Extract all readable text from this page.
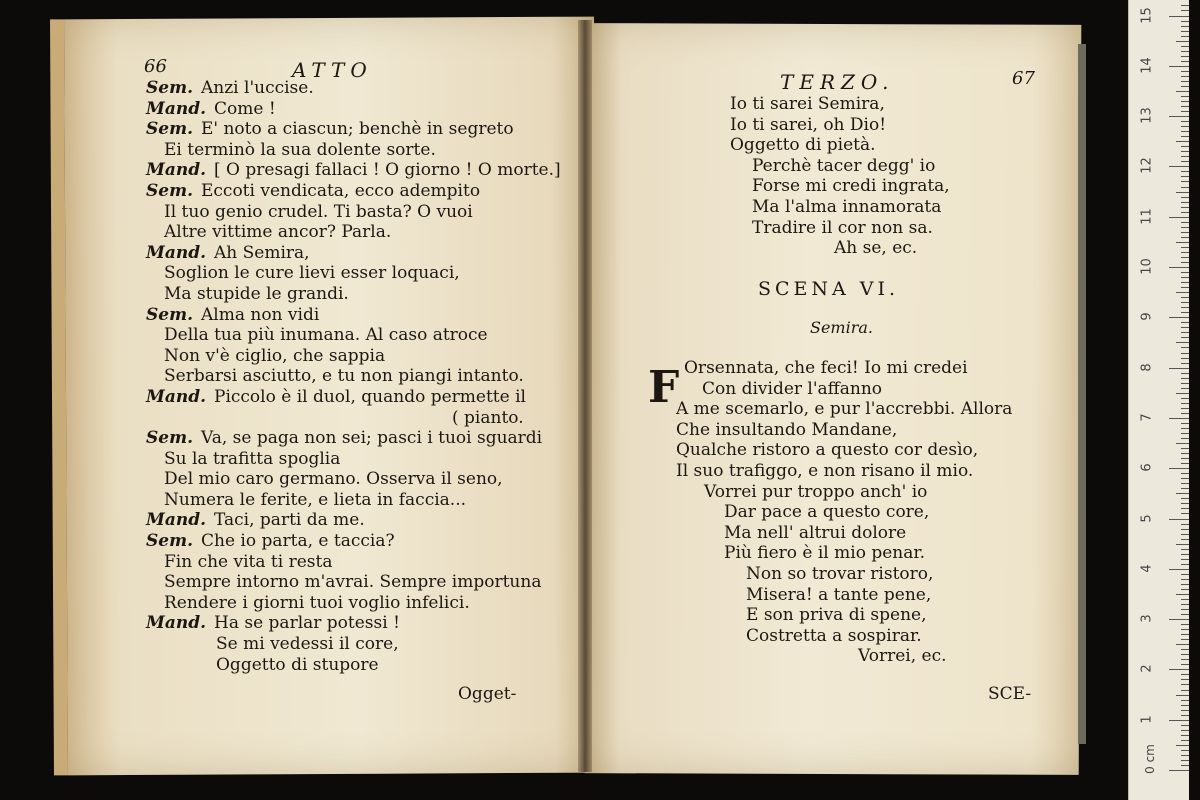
66	ATTO
Sem. Anzi l'uccise.
Mand. Come !
Sem. E' noto a ciascun; benchè in segreto
Ei terminò la sua dolente sorte.
Mand. [ O presagi fallaci ! O giorno ! O morte.]
Sem. Eccoti vendicata, ecco adempito
Il tuo genio crudel. Ti basta? O vuoi
Altre vittime ancor? Parla.
Mand. Ah Semira,
Soglion le cure lievi esser loquaci,
Ma stupide le grandi.
Sem. Alma non vidi
Della tua più inumana. Al caso atroce
Non v'è ciglio, che sappia
Serbarsi asciutto, e tu non piangi intanto.
Mand. Piccolo è il duol, quando permette il
( pianto.
Sem. Va, se paga non sei; pasci i tuoi sguardi
Su la trafitta spoglia
Del mio caro germano. Osserva il seno,
Numera le ferite, e lieta in faccia...
Mand. Taci, parti da me.
Sem. Che io parta, e taccia?
Fin che vita ti resta
Sempre intorno m'avrai. Sempre importuna
Rendere i giorni tuoi voglio infelici.
Mand. Ha se parlar potessi !
Se mi vedessi il core,
Oggetto di stupore
Ogget-
TERZO.	67
Io ti sarei Semira,
Io ti sarei, oh Dio!
Oggetto di pietà.
Perchè tacer degg' io
Forse mi credi ingrata,
Ma l'alma innamorata
Tradire il cor non sa.
Ah se, ec.
SCENA VI.
Semira.
F Orsennata, che feci! Io mi credei
Con divider l'affanno
A me scemarlo, e pur l'accrebbi. Allora
Che insultando Mandane,
Qualche ristoro a questo cor desìo,
Il suo trafiggo, e non risano il mio.
Vorrei pur troppo anch' io
Dar pace a questo core,
Ma nell' altrui dolore
Più fiero è il mio penar.
Non so trovar ristoro,
Misera! a tante pene,
E son priva di spene,
Costretta a sospirar.
Vorrei, ec.
SCE-
0 cm
1
2
3
4
5
6
7
8
9
10
11
12
13
14
15
